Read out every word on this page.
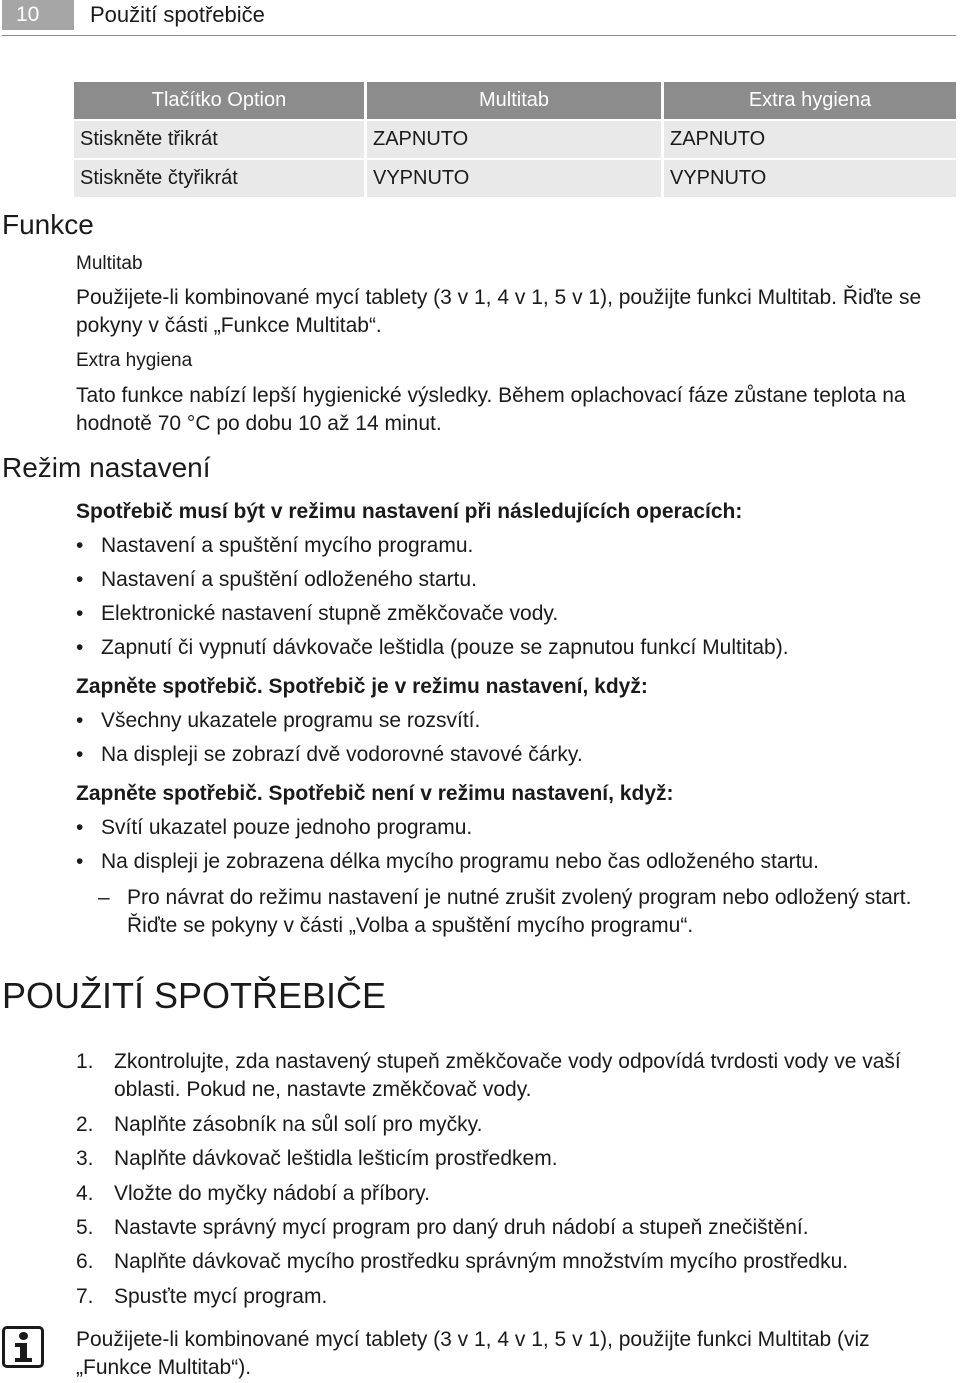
10	Použití spotřebiče
Tlačítko Option	Multitab	Extra hygiena
Stiskněte třikrát	ZAPNUTO	ZAPNUTO
Stiskněte čtyřikrát	VYPNUTO	VYPNUTO
Funkce
Multitab
Použijete-li kombinované mycí tablety (3 v 1, 4 v 1, 5 v 1), použijte funkci Multitab. Řiďte se pokyny v části „Funkce Multitab“.
Extra hygiena
Tato funkce nabízí lepší hygienické výsledky. Během oplachovací fáze zůstane teplota na hodnotě 70 °C po dobu 10 až 14 minut.
Režim nastavení
Spotřebič musí být v režimu nastavení při následujících operacích:
• Nastavení a spuštění mycího programu.
• Nastavení a spuštění odloženého startu.
• Elektronické nastavení stupně změkčovače vody.
• Zapnutí či vypnutí dávkovače leštidla (pouze se zapnutou funkcí Multitab).
Zapněte spotřebič. Spotřebič je v režimu nastavení, když:
• Všechny ukazatele programu se rozsvítí.
• Na displeji se zobrazí dvě vodorovné stavové čárky.
Zapněte spotřebič. Spotřebič není v režimu nastavení, když:
• Svítí ukazatel pouze jednoho programu.
• Na displeji je zobrazena délka mycího programu nebo čas odloženého startu.
– Pro návrat do režimu nastavení je nutné zrušit zvolený program nebo odložený start. Řiďte se pokyny v části „Volba a spuštění mycího programu“.
POUŽITÍ SPOTŘEBIČE
1. Zkontrolujte, zda nastavený stupeň změkčovače vody odpovídá tvrdosti vody ve vaší oblasti. Pokud ne, nastavte změkčovač vody.
2. Naplňte zásobník na sůl solí pro myčky.
3. Naplňte dávkovač leštidla lešticím prostředkem.
4. Vložte do myčky nádobí a příbory.
5. Nastavte správný mycí program pro daný druh nádobí a stupeň znečištění.
6. Naplňte dávkovač mycího prostředku správným množstvím mycího prostředku.
7. Spusťte mycí program.
Použijete-li kombinované mycí tablety (3 v 1, 4 v 1, 5 v 1), použijte funkci Multitab (viz „Funkce Multitab“).
